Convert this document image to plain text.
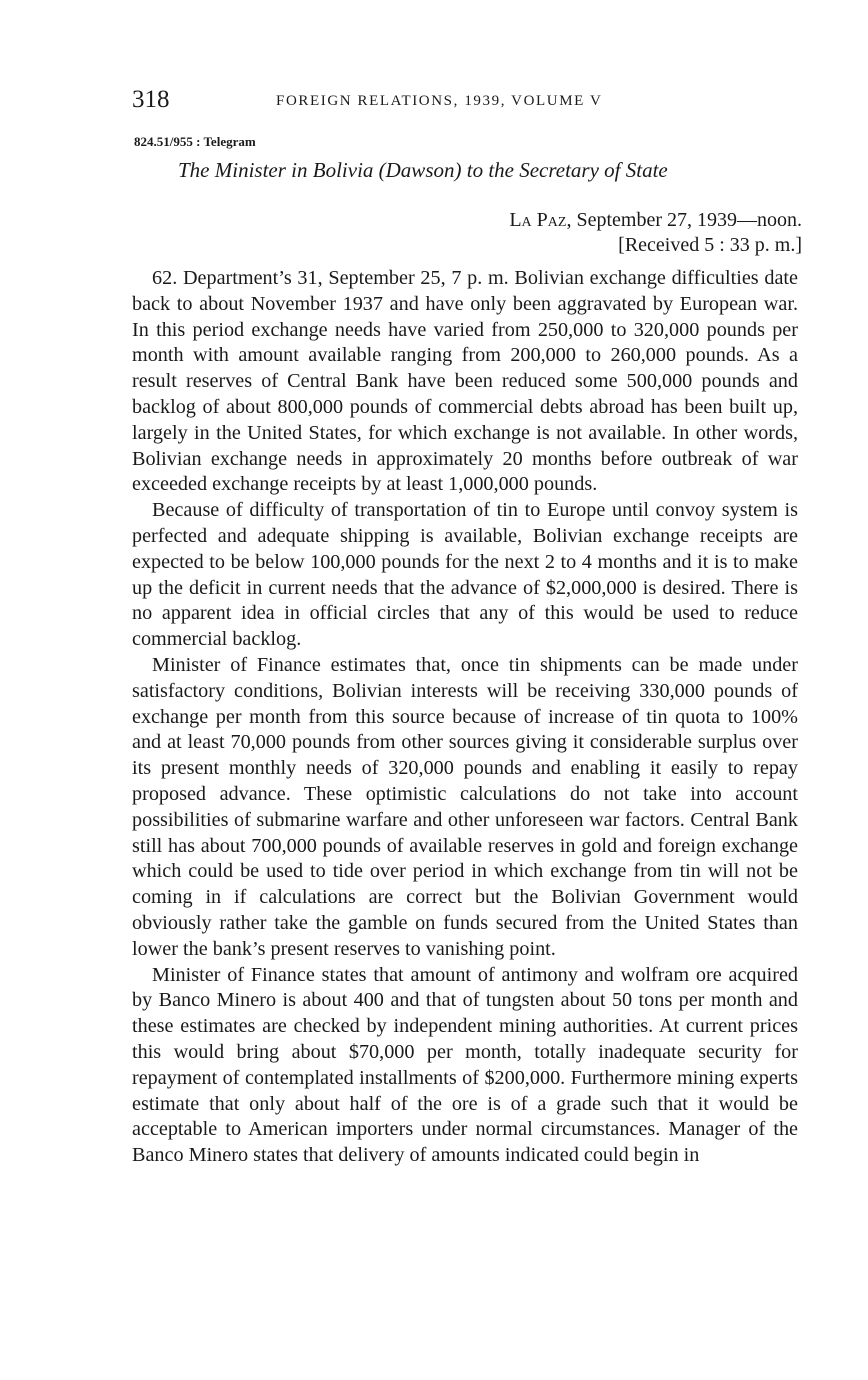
318	FOREIGN RELATIONS, 1939, VOLUME V
824.51/955 : Telegram
The Minister in Bolivia (Dawson) to the Secretary of State
La Paz, September 27, 1939—noon.
[Received 5 : 33 p. m.]

62. Department’s 31, September 25, 7 p. m. Bolivian exchange difficulties date back to about November 1937 and have only been aggravated by European war. In this period exchange needs have varied from 250,000 to 320,000 pounds per month with amount available ranging from 200,000 to 260,000 pounds. As a result reserves of Central Bank have been reduced some 500,000 pounds and backlog of about 800,000 pounds of commercial debts abroad has been built up, largely in the United States, for which exchange is not available. In other words, Bolivian exchange needs in approximately 20 months before outbreak of war exceeded exchange receipts by at least 1,000,000 pounds.

Because of difficulty of transportation of tin to Europe until convoy system is perfected and adequate shipping is available, Bolivian exchange receipts are expected to be below 100,000 pounds for the next 2 to 4 months and it is to make up the deficit in current needs that the advance of $2,000,000 is desired. There is no apparent idea in official circles that any of this would be used to reduce commercial backlog.

Minister of Finance estimates that, once tin shipments can be made under satisfactory conditions, Bolivian interests will be receiving 330,000 pounds of exchange per month from this source because of increase of tin quota to 100% and at least 70,000 pounds from other sources giving it considerable surplus over its present monthly needs of 320,000 pounds and enabling it easily to repay proposed advance. These optimistic calculations do not take into account possibilities of submarine warfare and other unforeseen war factors. Central Bank still has about 700,000 pounds of available reserves in gold and foreign exchange which could be used to tide over period in which exchange from tin will not be coming in if calculations are correct but the Bolivian Government would obviously rather take the gamble on funds secured from the United States than lower the bank’s present reserves to vanishing point.

Minister of Finance states that amount of antimony and wolfram ore acquired by Banco Minero is about 400 and that of tungsten about 50 tons per month and these estimates are checked by independent mining authorities. At current prices this would bring about $70,000 per month, totally inadequate security for repayment of contemplated installments of $200,000. Furthermore mining experts estimate that only about half of the ore is of a grade such that it would be acceptable to American importers under normal circumstances. Manager of the Banco Minero states that delivery of amounts indicated could begin in
